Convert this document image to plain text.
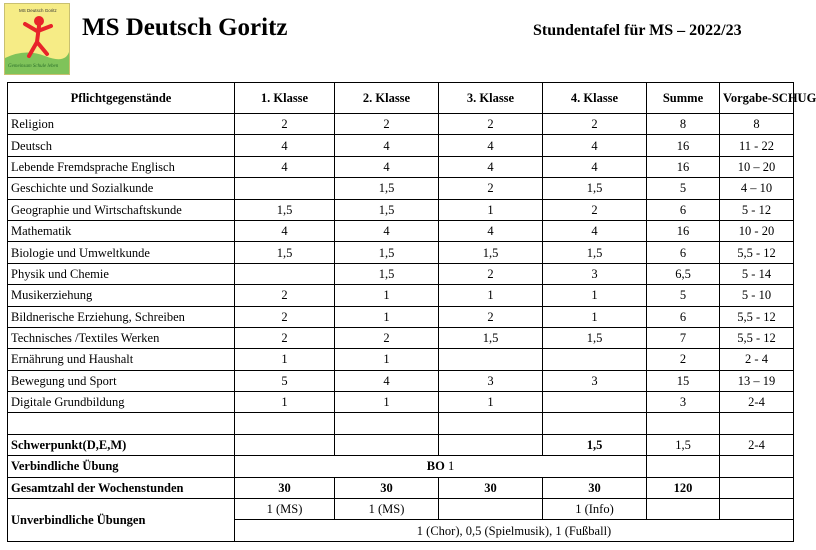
MS Deutsch Goritz
Gemeinsam Schule leben
MS Deutsch Goritz	Stundentafel für MS – 2022/23
Pflichtgegenstände	1. Klasse	2. Klasse	3. Klasse	4. Klasse	Summe	Vorgabe-SCHUG
Religion	2	2	2	2	8	8
Deutsch	4	4	4	4	16	11 - 22
Lebende Fremdsprache Englisch	4	4	4	4	16	10 – 20
Geschichte und Sozialkunde		1,5	2	1,5	5	4 – 10
Geographie und Wirtschaftskunde	1,5	1,5	1	2	6	5 - 12
Mathematik	4	4	4	4	16	10 - 20
Biologie und Umweltkunde	1,5	1,5	1,5	1,5	6	5,5 - 12
Physik und Chemie		1,5	2	3	6,5	5 - 14
Musikerziehung	2	1	1	1	5	5 - 10
Bildnerische Erziehung, Schreiben	2	1	2	1	6	5,5 - 12
Technisches /Textiles Werken	2	2	1,5	1,5	7	5,5 - 12
Ernährung und Haushalt	1	1			2	2 - 4
Bewegung und Sport	5	4	3	3	15	13 – 19
Digitale Grundbildung	1	1	1		3	2-4

Schwerpunkt(D,E,M)				1,5	1,5	2-4
Verbindliche Übung	BO 1					
Gesamtzahl der Wochenstunden	30	30	30	30	120	
Unverbindliche Übungen	1 (MS)	1 (MS)		1 (Info)		
	1 (Chor), 0,5 (Spielmusik), 1 (Fußball)					
